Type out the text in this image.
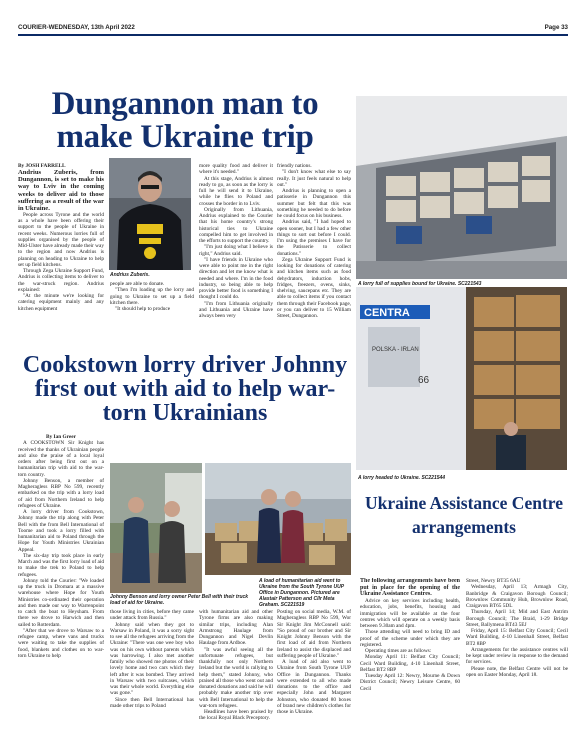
COURIER-WEDNESDAY, 13th April 2022	Page 33
Dungannon man to make Ukraine trip

By JOSH FARRELL

Andrius Zuberis, from Dungannon, is set to make his way to Lviv in the coming weeks to deliver aid to those suffering as a result of the war in Ukraine.

People across Tyrone and the world as a whole have been offering their support to the people of Ukraine in recent weeks. Numerous lorries full of supplies organised by the people of Mid-Ulster have already made their way to the region and now Andrius is planning on heading to Ukraine to help set up field kitchens.

Through Zega Ukraine Support Fund, Andrius is collecting items to deliver to the war-struck region. Andrius explained:

"At the minute we're looking for catering equipment mainly and any kitchen equipment

Andrius Zuberis.

people are able to donate.

"Then I'm loading up the lorry and going to Ukraine to set up a field kitchen there.

"It should help to produce

more quality food and deliver it where it's needed."

At this stage, Andrius is almost ready to go, as soon as the lorry is full he will send it to Ukraine, while he flies to Poland and crosses the border in to Lviv.

Originally from Lithuania, Andrius explained to the Courier that his home country's strong historical ties to Ukraine compelled him to get involved in the efforts to support the country.

"I'm just doing what I believe is right," Andrius said.

"I have friends in Ukraine who were able to point me in the right direction and let me know what is needed and where. I'm in the food industry, so being able to help provide better food is something I thought I could do.

"I'm from Lithuania originally and Lithuania and Ukraine have always been very

friendly nations.

"I don't know what else to say really. It just feels natural to help out."

Andrius is planning to open a patisserie in Dungannon this summer but felt that this was something he needed to do before he could focus on his business.

Andrius said, "I had hoped to open sooner, but I had a few other things to sort out before I could. I'm using the premises I have for the Patisserie to collect donations."

Zega Ukraine Support Fund is looking for donations of catering and kitchen items such as food dehydrators, induction hobs, fridges, freezers, ovens, sinks, shelving, saucepans etc. They are able to collect items if you contact them through their Facebook page, or you can deliver to 15 William Street, Dungannon.

A lorry full of supplies bound for Ukraine. SC221543
CENTRA
POLSKA - IRLAN
66
A lorry headed to Ukraine. SC221544
Cookstown lorry driver Johnny first out with aid to help war-torn Ukrainians

By Ian Greer

A COOKSTOWN Sir Knight has received the thanks of Ukrainian people and also the praise of a local loyal orders after being first out on a humanitarian trip with aid to the war-torn country.

Johnny Benson, a member of Magheragless RBP No 599, recently embarked on the trip with a lorry load of aid from Northern Ireland to help refugees of Ukraine.

A lorry driver from Cookstown, Johnny made the trip along with Peter Bell with the from Bell International of Toome and took a lorry filled with humanitarian aid to Poland through the Hope for Youth Ministries Ukrainian Appeal.

The six-day trip took place in early March and was the first lorry load of aid to make the trek to Poland to help refugees.

Johnny told the Courier: "We loaded up the truck in Dromara at a massive warehouse where Hope for Youth Ministries co-ordinated their operation and then made our way to Warrenpoint to catch the boat to Heysham. From there we drove to Harwich and then sailed to Rotterdam.

"After that we drove to Warsaw to a refugee camp, where vans and trucks were waiting to take the supplies of food, blankets and clothes on to war-torn Ukraine to help

Johnny Benson and lorry owner Peter Bell with their truck load of aid for Ukraine.
A load of humanitarian aid went to Ukraine from the South Tyrone UUP Office in Dungannon. Pictured are Alastair Patterson and Cllr Meta Graham. SC221519

those living in cities, before they came under attack from Russia."

Johnny said when they got to Warsaw in Poland, it was a sorry sight to see all the refugees arriving from the Ukraine: "There was one wee boy who was on his own without parents which was harrowing. I also met another family who showed me photos of their lovely home and two cars which they left after it was bombed. They arrived in Warsaw with two suitcases, which was their whole world. Everything else was gone."

Since then Bell International has made other trips to Poland

with humanitarian aid and other Tyrone firms are also making similar trips, including Alan Armstrong Haulage from Dungannon and Nigel Devlin Haulage from Ardboe.

"It was awful seeing all the unfortunate refugees, but thankfully not only Northern Ireland but the world is rallying to help them," stated Johnny, who praised all those who went out and donated donations and said he will probably make another trip over with Bell International to help the war-torn refugees.

Headlines have been praised by the local Royal Black Preceptory.

Posting on social media, W.M. of Magheragless RBP No 599, Wor Sir Knight Jim McConnell said: "So proud of our brother and Sir Knight Johnny Benson with the first load of aid from Northern Ireland to assist the displaced and suffering people of Ukraine."

A load of aid also went to Ukraine from South Tyrone UUP Office in Dungannon. Thanks were extended to all who made donations to the office and especially John and Margaret Johnston, who donated 80 boxes of brand new children's clothes for those in Ukraine.

Ukraine Assistance Centre arrangements

The following arrangements have been put in place for the opening of the Ukraine Assistance Centres.

Advice on key services including health, education, jobs, benefits, housing and immigration will be available at the four centres which will operate on a weekly basis between 9.30am and 4pm.

Those attending will need to bring ID and proof of the scheme under which they are registered.

Operating times are as follows:

Monday April 11: Belfast City Council; Cecil Ward Building, 4-10 Linenhall Street, Belfast BT2 8BP

Tuesday April 12: Newry, Mourne & Down District Council; Newry Leisure Centre, 60 Cecil

Street, Newry BT35 6AU

Wednesday, April 13; Armagh City, Banbridge & Craigavon Borough Council; Brownlow Community Hub, Brownlow Road, Craigavon BT65 5DL

Thursday, April 14; Mid and East Antrim Borough Council; The Braid, 1-29 Bridge Street, Ballymena BT43 5EJ

Friday, April 15: Belfast City Council; Cecil Ward Building, 4-10 Linenhall Street, Belfast BT2 8BP

Arrangements for the assistance centres will be kept under review in response to the demand for services.

Please note, the Belfast Centre will not be open on Easter Monday, April 18.
